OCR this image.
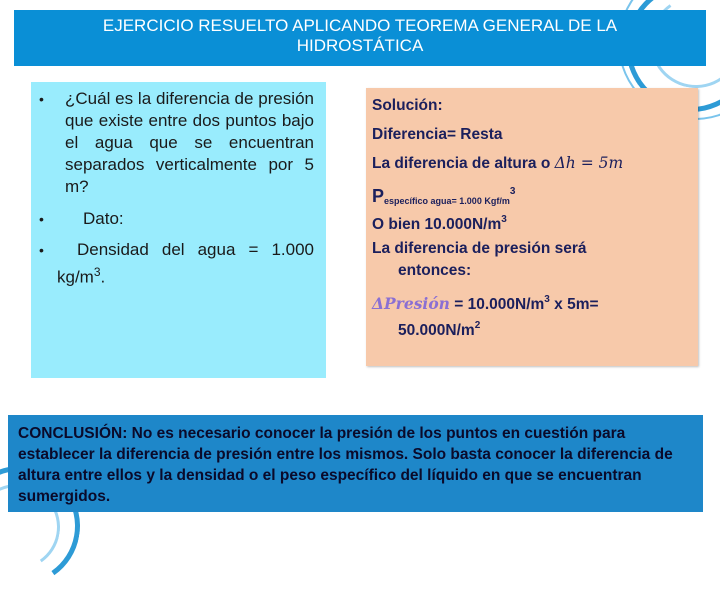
EJERCICIO RESUELTO APLICANDO TEOREMA GENERAL DE LA
HIDROSTÁTICA
•	¿Cuál es la diferencia de presión que existe entre dos puntos bajo el agua que se encuentran separados verticalmente por 5 m?
•	Dato:
•	Densidad del agua = 1.000 $kg/m^3$.
Solución:
Diferencia= Resta
La diferencia de altura o Δh = 5m
Pespecífico agua= 1.000 Kgf/$m^3$
O bien $10.000N/m^3$
La diferencia de presión será
entonces:
ΔPresión = $10.000N/m^3$ x 5m=
$50.000N/m^2$
CONCLUSIÓN: No es necesario conocer la presión de los puntos en cuestión para establecer la diferencia de presión entre los mismos. Solo basta conocer la diferencia de altura entre ellos y la densidad o el peso específico del líquido en que se encuentran sumergidos.
